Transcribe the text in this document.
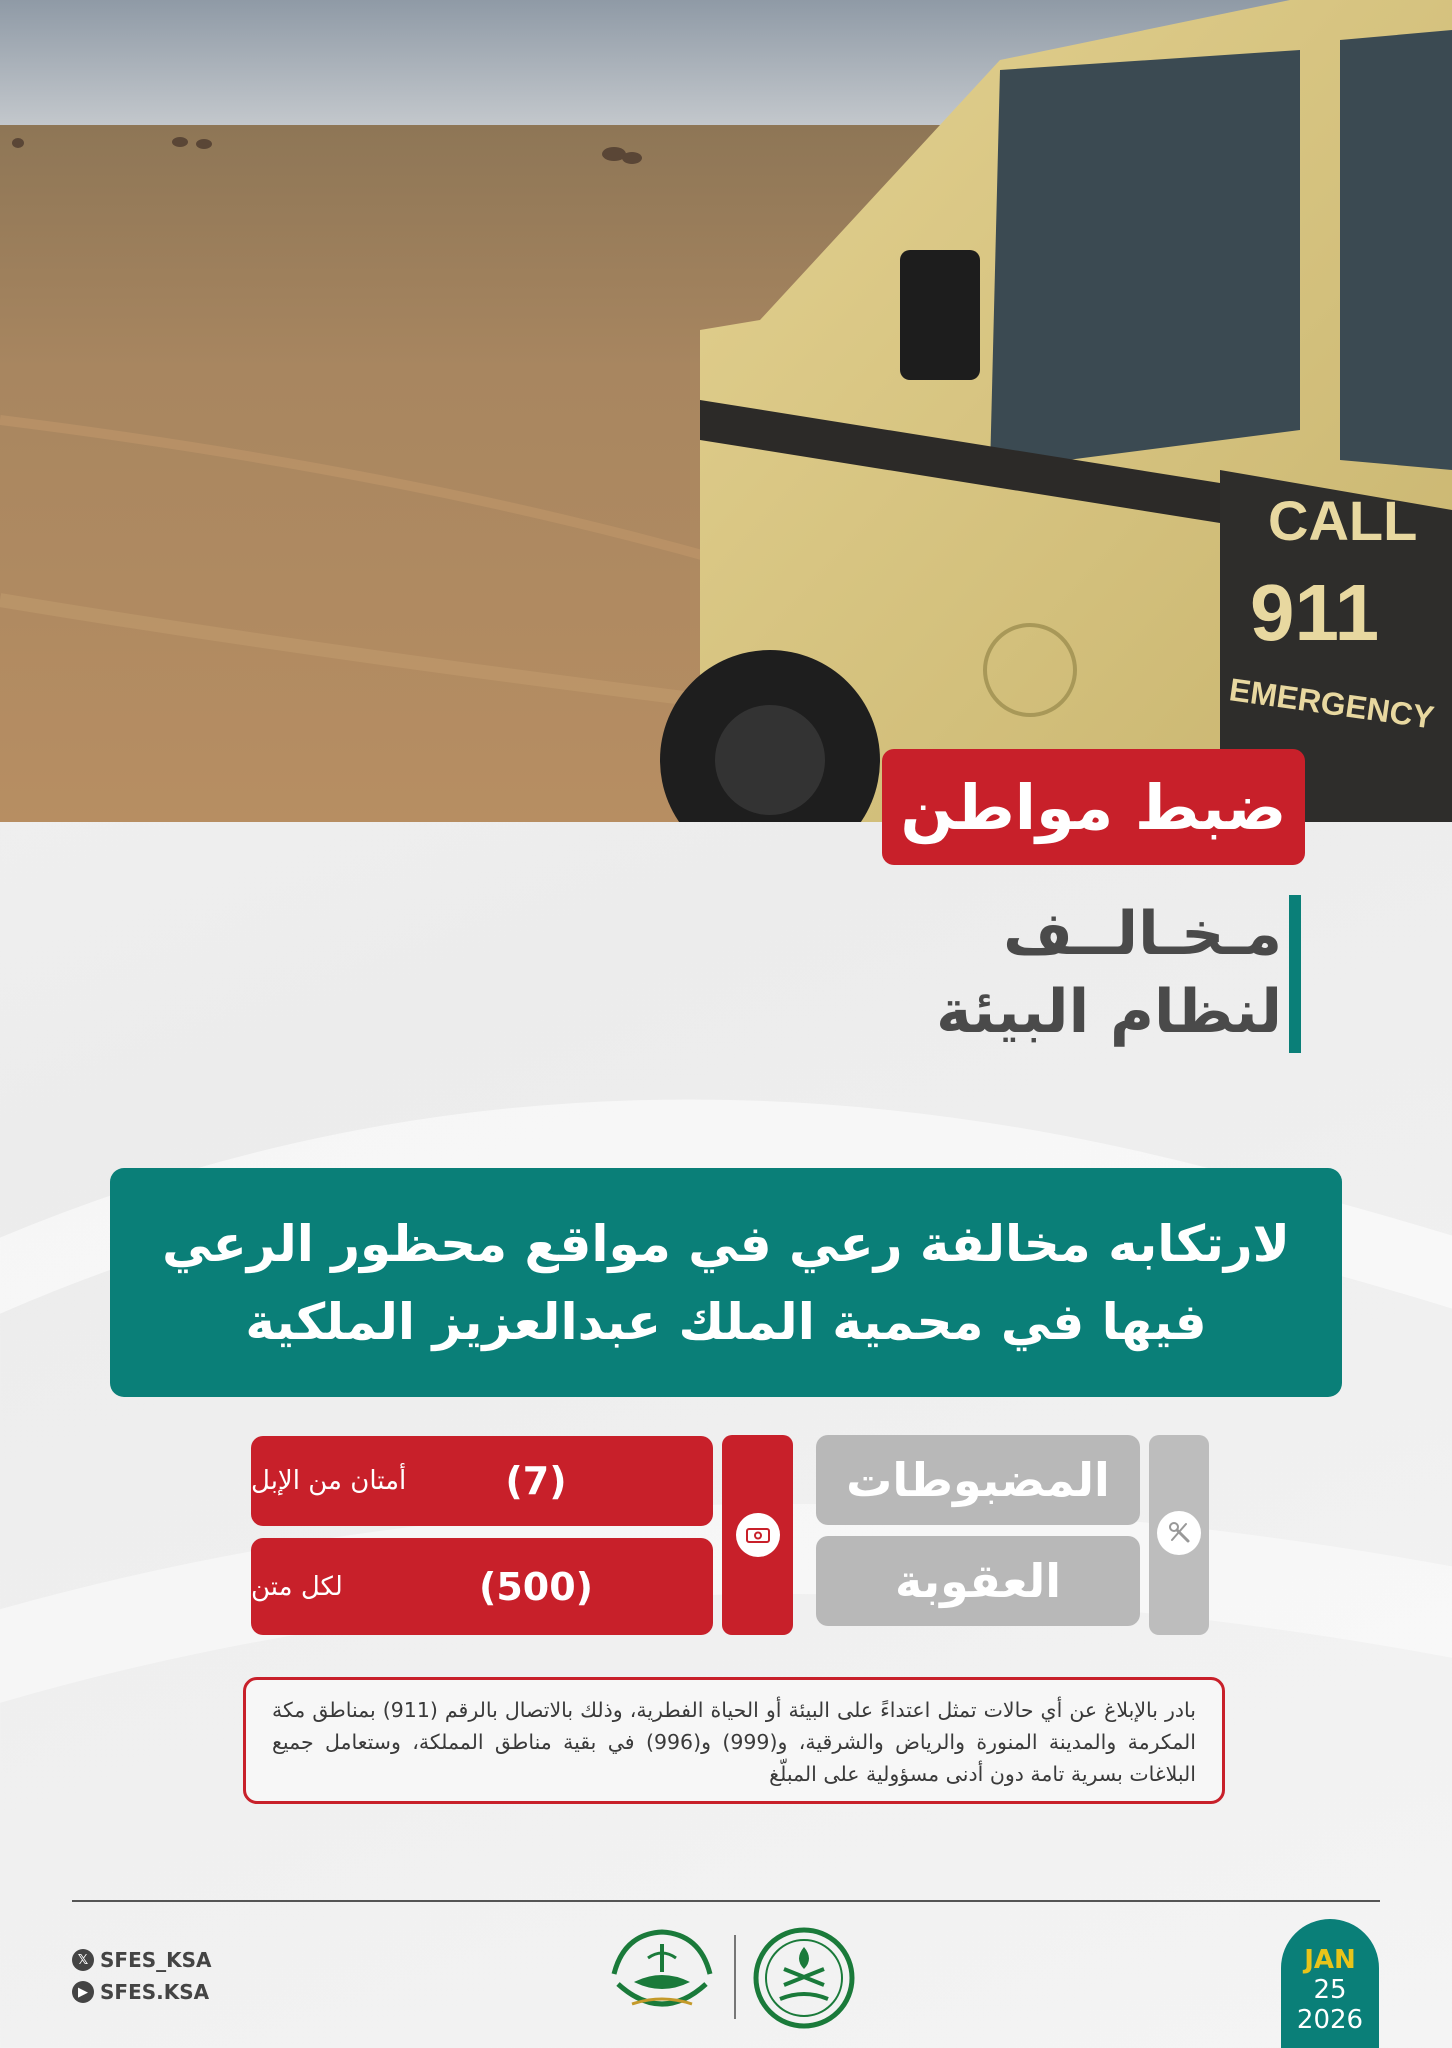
CALL
911
EMERGENCY
ضبط مواطن
مـخـالــف
لنظام البيئة
لارتكابه مخالفة رعي في مواقع محظور الرعي
فيها في محمية الملك عبدالعزيز الملكية
المضبوطات
العقوبة
(7)
أمتان من الإبل
(500)
لكل متن
بادر بالإبلاغ عن أي حالات تمثل اعتداءً على البيئة أو الحياة الفطرية، وذلك بالاتصال بالرقم (911) بمناطق مكة المكرمة والمدينة المنورة والرياض والشرقية، و(999) و(996) في بقية مناطق المملكة، وستعامل جميع البلاغات بسرية تامة دون أدنى مسؤولية على المبلّغ
𝕏 SFES_KSA
▶ SFES.KSA
JAN
25
2026
